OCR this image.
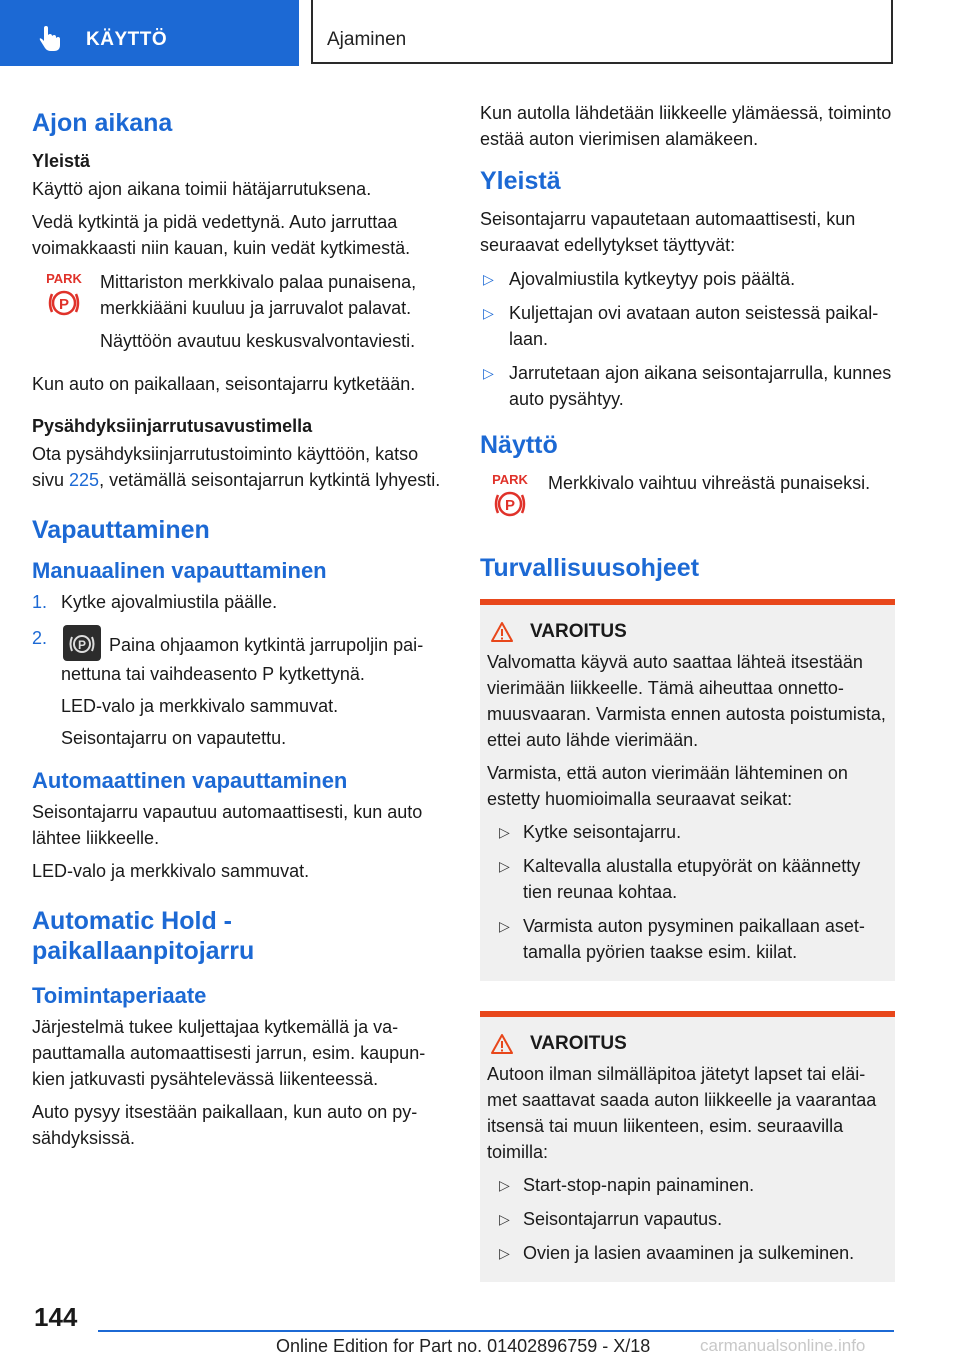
KÄYTTÖ	Ajaminen
Ajon aikana
Yleistä

Käyttö ajon aikana toimii hätäjarrutuksena.

Vedä kytkintä ja pidä vedettynä. Auto jarruttaa voimakkaasti niin kauan, kuin vedät kytkimestä.

PARK
P

Mittariston merkkivalo palaa punaisena, merkkiääni kuuluu ja jarruvalot palavat.

Näyttöön avautuu keskusvalvontaviesti.

Kun auto on paikallaan, seisontajarru kytketään.

Pysähdyksiinjarrutusavustimella

Ota pysähdyksiinjarrutustoiminto käyttöön, katso sivu 225, vetämällä seisontajarrun kytkintä lyhyesti.

Vapauttaminen
Manuaalinen vapauttaminen
1. Kytke ajovalmiustila päälle.
2.	P Paina ohjaamon kytkintä jarrupoljin painettuna tai vaihdeasento P kytkettynä.

LED-valo ja merkkivalo sammuvat.

Seisontajarru on vapautettu.

Automaattinen vapauttaminen

Seisontajarru vapautuu automaattisesti, kun auto lähtee liikkeelle.

LED-valo ja merkkivalo sammuvat.

Automatic Hold - paikallaanpitojarru
Toimintaperiaate

Järjestelmä tukee kuljettajaa kytkemällä ja vapauttamalla automaattisesti jarrun, esim. kaupunkien jatkuvasti pysähtelevässä liikenteessä.

Auto pysyy itsestään paikallaan, kun auto on pysähdyksissä.

Kun autolla lähdetään liikkeelle ylämäessä, toiminto estää auton vierimisen alamäkeen.

Yleistä

Seisontajarru vapautetaan automaattisesti, kun seuraavat edellytykset täyttyvät:

▷ Ajovalmiustila kytkeytyy pois päältä.
▷ Kuljettajan ovi avataan auton seistessä paikallaan.
▷ Jarrutetaan ajon aikana seisontajarrulla, kunnes auto pysähtyy.
Näyttö
PARK
P

Merkkivalo vaihtuu vihreästä punaiseksi.

Turvallisuusohjeet
VAROITUS

Valvomatta käyvä auto saattaa lähteä itsestään vierimään liikkeelle. Tämä aiheuttaa onnettomuusvaaran. Varmista ennen autosta poistumista, ettei auto lähde vierimään.

Varmista, että auton vierimään lähteminen on estetty huomioimalla seuraavat seikat:

▷ Kytke seisontajarru.
▷ Kaltevalla alustalla etupyörät on käännetty tien reunaa kohtaa.
▷ Varmista auton pysyminen paikallaan asettamalla pyörien taakse esim. kiilat.
VAROITUS

Autoon ilman silmälläpitoa jätetyt lapset tai eläimet saattavat saada auton liikkeelle ja vaarantaa itsensä tai muun liikenteen, esim. seuraavilla toimilla:

▷ Start-stop-napin painaminen.
▷ Seisontajarrun vapautus.
▷ Ovien ja lasien avaaminen ja sulkeminen.
144
Online Edition for Part no. 01402896759 - X/18	carmanualsonline.info
